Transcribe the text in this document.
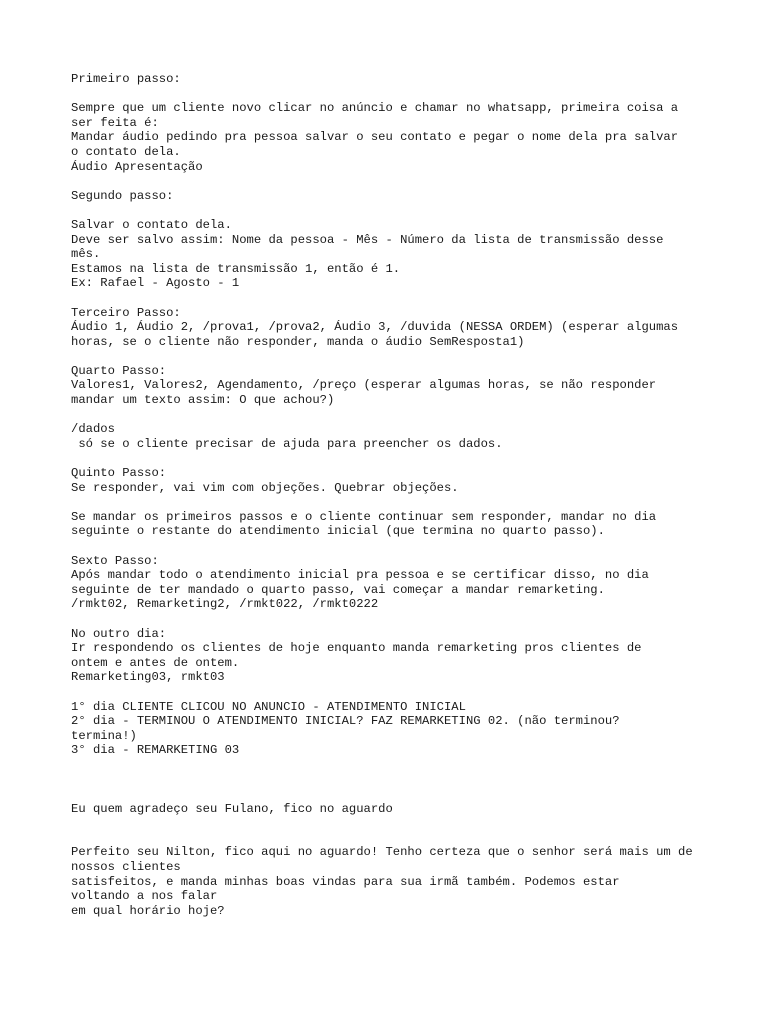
Primeiro passo:
Sempre que um cliente novo clicar no anúncio e chamar no whatsapp, primeira coisa a
ser feita é:
Mandar áudio pedindo pra pessoa salvar o seu contato e pegar o nome dela pra salvar
o contato dela.
Áudio Apresentação
Segundo passo:
Salvar o contato dela.
Deve ser salvo assim: Nome da pessoa - Mês - Número da lista de transmissão desse
mês.
Estamos na lista de transmissão 1, então é 1.
Ex: Rafael - Agosto - 1
Terceiro Passo:
Áudio 1, Áudio 2, /prova1, /prova2, Áudio 3, /duvida (NESSA ORDEM) (esperar algumas
horas, se o cliente não responder, manda o áudio SemResposta1)
Quarto Passo:
Valores1, Valores2, Agendamento, /preço (esperar algumas horas, se não responder
mandar um texto assim: O que achou?)
/dados
só se o cliente precisar de ajuda para preencher os dados.
Quinto Passo:
Se responder, vai vim com objeções. Quebrar objeções.
Se mandar os primeiros passos e o cliente continuar sem responder, mandar no dia
seguinte o restante do atendimento inicial (que termina no quarto passo).
Sexto Passo:
Após mandar todo o atendimento inicial pra pessoa e se certificar disso, no dia
seguinte de ter mandado o quarto passo, vai começar a mandar remarketing.
/rmkt02, Remarketing2, /rmkt022, /rmkt0222
No outro dia:
Ir respondendo os clientes de hoje enquanto manda remarketing pros clientes de
ontem e antes de ontem.
Remarketing03, rmkt03
1° dia CLIENTE CLICOU NO ANUNCIO - ATENDIMENTO INICIAL
2° dia - TERMINOU O ATENDIMENTO INICIAL? FAZ REMARKETING 02. (não terminou?
termina!)
3° dia - REMARKETING 03
Eu quem agradeço seu Fulano, fico no aguardo
Perfeito seu Nilton, fico aqui no aguardo! Tenho certeza que o senhor será mais um de
nossos clientes
satisfeitos, e manda minhas boas vindas para sua irmã também. Podemos estar
voltando a nos falar
em qual horário hoje?
